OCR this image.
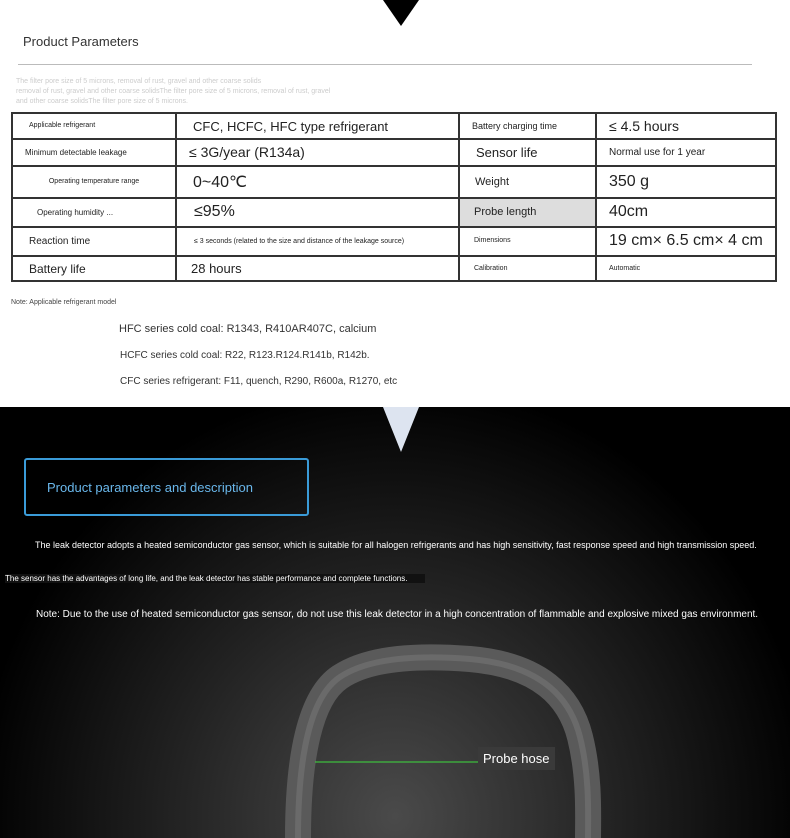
Product Parameters
The filter pore size of 5 microns, removal of rust, gravel and other coarse solids
removal of rust, gravel and other coarse solidsThe filter pore size of 5 microns, removal of rust, gravel
and other coarse solidsThe filter pore size of 5 microns.
Applicable refrigerant	CFC, HCFC, HFC type refrigerant	Battery charging time	≤ 4.5 hours
Minimum detectable leakage	≤ 3G/year (R134a)	Sensor life	Normal use for 1 year
Operating temperature range	0~40℃	Weight	350 g
Operating humidity ...	≤95%	Probe length	40cm
Reaction time	≤ 3 seconds (related to the size and distance of the leakage source)	Dimensions	19 cm× 6.5 cm× 4 cm
Battery life	28 hours	Calibration	Automatic
Note: Applicable refrigerant model
HFC series cold coal: R1343, R410AR407C, calcium
HCFC series cold coal: R22, R123.R124.R141b, R142b.
CFC series refrigerant: F11, quench, R290, R600a, R1270, etc
Product parameters and description
The leak detector adopts a heated semiconductor gas sensor, which is suitable for all halogen refrigerants and has high sensitivity, fast response speed and high transmission speed.
The sensor has the advantages of long life, and the leak detector has stable performance and complete functions.
Note: Due to the use of heated semiconductor gas sensor, do not use this leak detector in a high concentration of flammable and explosive mixed gas environment.
Probe hose
